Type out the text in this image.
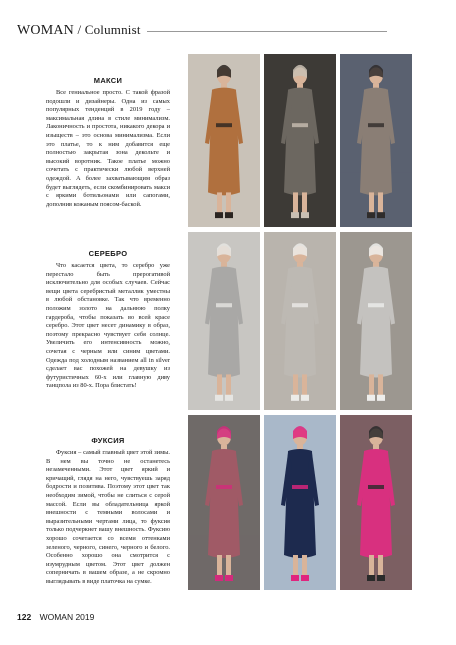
WOMAN / Columnist
МАКСИ

Все гениальное просто. С такой фразой подошли и дизайнеры. Одна из самых популярных тенденций в 2019 году – максимальная длина в стиле минимализм. Лаконичность и простота, никакого декора и изыществ – это основа минимализма. Если это платье, то к ним добавится еще полностью закрытая зона декольте и высокий воротник. Такое платье можно сочетать с практически любой верхней одеждой. А более захватывающим образ будет выглядеть, если скомбинировать макси с яркими ботильонами или сапогами, дополнив кожаным поясом-баской.

СЕРЕБРО

Что касается цвета, то серебро уже перестало быть прерогативой исключительно для особых случаев. Сейчас вещи цвета серебристый металлик уместны в любой обстановке. Так что временно положим золото на дальнюю полку гардероба, чтобы показать во всей красе серебро. Этот цвет несет динамику в образ, поэтому прекрасно чувствует себя солнце. Увеличить его интенсивность можно, сочетая с черным или синим цветами. Одежда под холодным названием all in silver сделает вас похожей на девушку из футуристичных 60-х или главную диву танцпола из 80-х. Пора блистать!

ФУКСИЯ

Фуксия – самый главный цвет этой зимы. В нем вы точно не останетесь незамеченными. Этот цвет яркий и кричащий, глядя на него, чувствуешь заряд бодрости и позитива. Поэтому этот цвет так необходим зимой, чтобы не слиться с серой массой. Если вы обладательница яркой внешности с темными волосами и выразительными чертами лица, то фуксия только подчеркнет вашу внешность. Фуксию хорошо сочетается со всеми оттенками зеленого, черного, синего, черного и белого. Особенно хорошо она смотрится с изумрудным цветом. Этот цвет должен соперничать в вашем образе, а не скромно выглядывать в виде платочка на сумке.

122 WOMAN 2019
